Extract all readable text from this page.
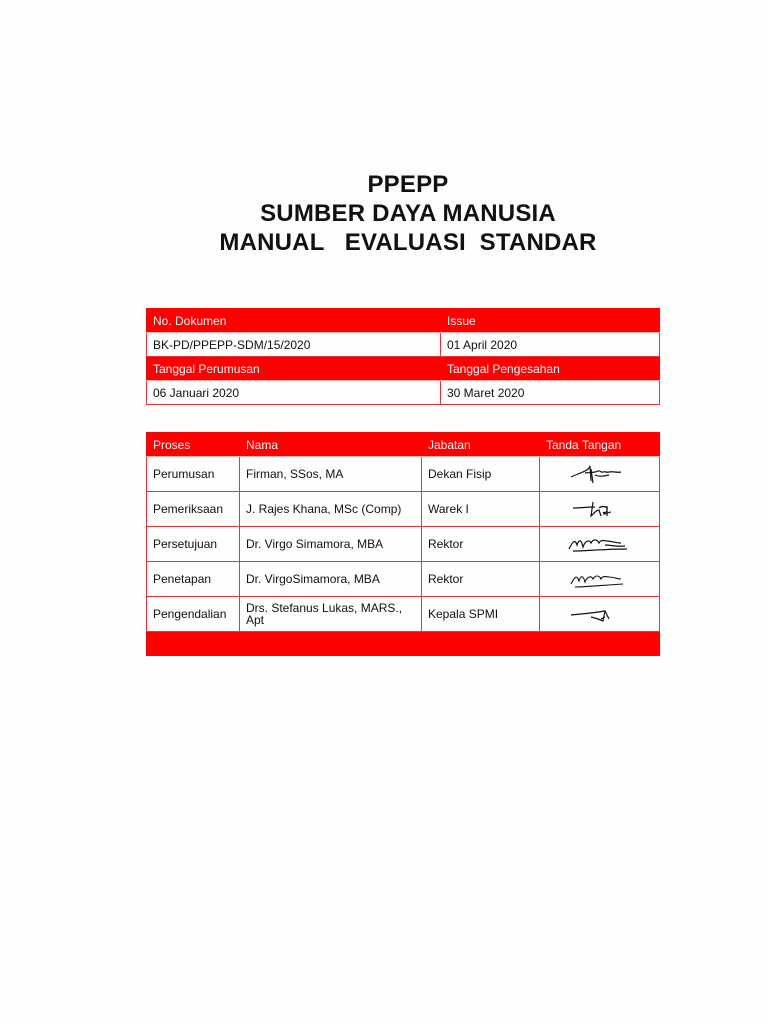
PPEPP
SUMBER DAYA MANUSIA
MANUAL   EVALUASI  STANDAR
No. Dokumen	Issue
BK-PD/PPEPP-SDM/15/2020	01 April 2020
Tanggal Perumusan	Tanggal Pengesahan
06 Januari 2020	30 Maret 2020
Proses	Nama	Jabatan	Tanda Tangan
Perumusan	Firman, SSos, MA	Dekan Fisip	

Pemeriksaan	J. Rajes Khana, MSc (Comp)	Warek I	

Persetujuan	Dr. Virgo Simamora, MBA	Rektor	

Penetapan	Dr. VirgoSimamora, MBA	Rektor	

Pengendalian	Drs. Stefanus Lukas, MARS., Apt	Kepala SPMI	
